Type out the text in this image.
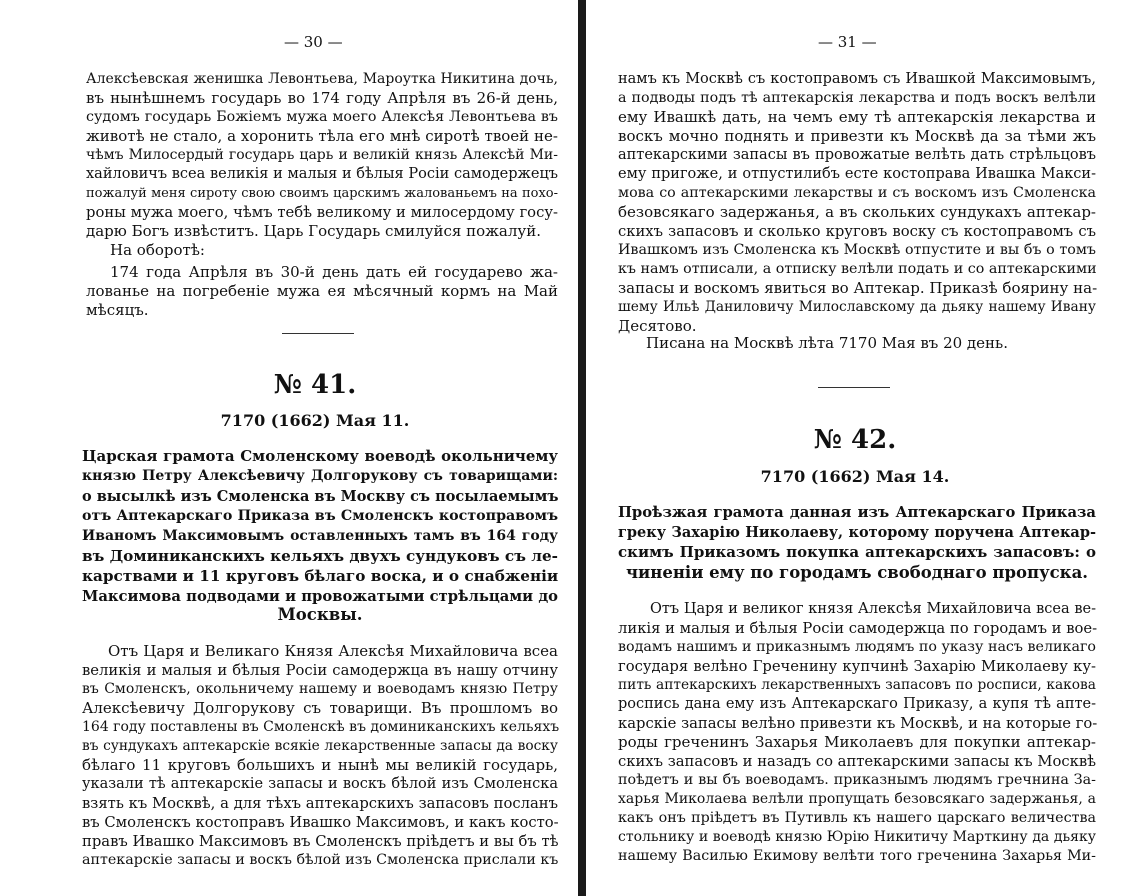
— 30 —
Алексѣевская женишка Левонтьева, Мароутка Никитина дочь,
въ нынѣшнемъ государь во 174 году Апрѣля въ 26-й день,
судомъ государь Божіемъ мужа моего Алексѣя Левонтьева въ
животѣ не стало, а хоронить тѣла его мнѣ сиротѣ твоей не-
чѣмъ Милосердый государь царь и великій князь Алексѣй Ми-
хайловичъ всеа великія и малыя и бѣлыя Росіи самодержецъ
пожалуй меня сироту свою своимъ царскимъ жалованьемъ на похо-
роны мужа моего, чѣмъ тебѣ великому и милосердому госу-
дарю Богъ извѣститъ. Царь Государь смилуйся пожалуй.
На оборотѣ:
174 года Апрѣля въ 30-й день дать ей государево жа-
лованье на погребеніе мужа ея мѣсячный кормъ на Май
мѣсяцъ.
№ 41.
7170 (1662) Мая 11.
Царская грамота Смоленскому воеводѣ окольничему
князю Петру Алексѣевичу Долгорукову съ товарищами:
о высылкѣ изъ Смоленска въ Москву съ посылаемымъ
отъ Аптекарскаго Приказа въ Смоленскъ костоправомъ
Иваномъ Максимовымъ оставленныхъ тамъ въ 164 году
въ Доминиканскихъ кельяхъ двухъ сундуковъ съ ле-
карствами и 11 круговъ бѣлаго воска, и о снабженіи
Максимова подводами и провожатыми стрѣльцами до
Москвы.
Отъ Царя и Великаго Князя Алексѣя Михайловича всеа
великія и малыя и бѣлыя Росіи самодержца въ нашу отчину
въ Смоленскъ, окольничему нашему и воеводамъ князю Петру
Алексѣевичу Долгорукову съ товарищи. Въ прошломъ во
164 году поставлены въ Смоленскѣ въ доминиканскихъ кельяхъ
въ сундукахъ аптекарскіе всякіе лекарственные запасы да воску
бѣлаго 11 круговъ большихъ и нынѣ мы великій государь,
указали тѣ аптекарскіе запасы и воскъ бѣлой изъ Смоленска
взять къ Москвѣ, а для тѣхъ аптекарскихъ запасовъ посланъ
въ Смоленскъ костоправъ Ивашко Максимовъ, и какъ косто-
правъ Ивашко Максимовъ въ Смоленскъ пріѣдетъ и вы бъ тѣ
аптекарскіе запасы и воскъ бѣлой изъ Смоленска прислали къ
— 31 —
намъ къ Москвѣ съ костоправомъ съ Ивашкой Максимовымъ,
а подводы подъ тѣ аптекарскія лекарства и подъ воскъ велѣли
ему Ивашкѣ дать, на чемъ ему тѣ аптекарскія лекарства и
воскъ мочно поднять и привезти къ Москвѣ да за тѣми жъ
аптекарскими запасы въ провожатые велѣть дать стрѣльцовъ
ему пригоже, и отпустилибъ есте костоправа Ивашка Макси-
мова со аптекарскими лекарствы и съ воскомъ изъ Смоленска
безовсякаго задержанья, а въ скольких сундукахъ аптекар-
скихъ запасовъ и сколько круговъ воску съ костоправомъ съ
Ивашкомъ изъ Смоленска къ Москвѣ отпустите и вы бъ о томъ
къ намъ отписали, а отписку велѣли подать и со аптекарскими
запасы и воскомъ явиться во Аптекар. Приказѣ боярину на-
шему Ильѣ Даниловичу Милославскому да дьяку нашему Ивану
Десятово.
Писана на Москвѣ лѣта 7170 Мая въ 20 день.
№ 42.
7170 (1662) Мая 14.
Проѣзжая грамота данная изъ Аптекарскаго Приказа
греку Захарію Николаеву, которому поручена Аптекар-
скимъ Приказомъ покупка аптекарскихъ запасовъ: о
чиненіи ему по городамъ свободнаго пропуска.
Отъ Царя и великог князя Алексѣя Михайловича всеа ве-
ликія и малыя и бѣлыя Росіи самодержца по городамъ и вое-
водамъ нашимъ и приказнымъ людямъ по указу насъ великаго
государя велѣно Греченину купчинѣ Захарію Миколаеву ку-
пить аптекарскихъ лекарственныхъ запасовъ по росписи, какова
роспись дана ему изъ Аптекарскаго Приказу, а купя тѣ апте-
карскіе запасы велѣно привезти къ Москвѣ, и на которые го-
роды греченинъ Захарья Миколаевъ для покупки аптекар-
скихъ запасовъ и назадъ со аптекарскими запасы къ Москвѣ
поѣдетъ и вы бъ воеводамъ. приказнымъ людямъ гречнина За-
харья Миколаева велѣли пропущать безовсякаго задержанья, а
какъ онъ пріѣдетъ въ Путивль къ нашего царскаго величества
стольнику и воеводѣ князю Юрію Никитичу Марткину да дьяку
нашему Василью Екимову велѣти того греченина Захарья Ми-
